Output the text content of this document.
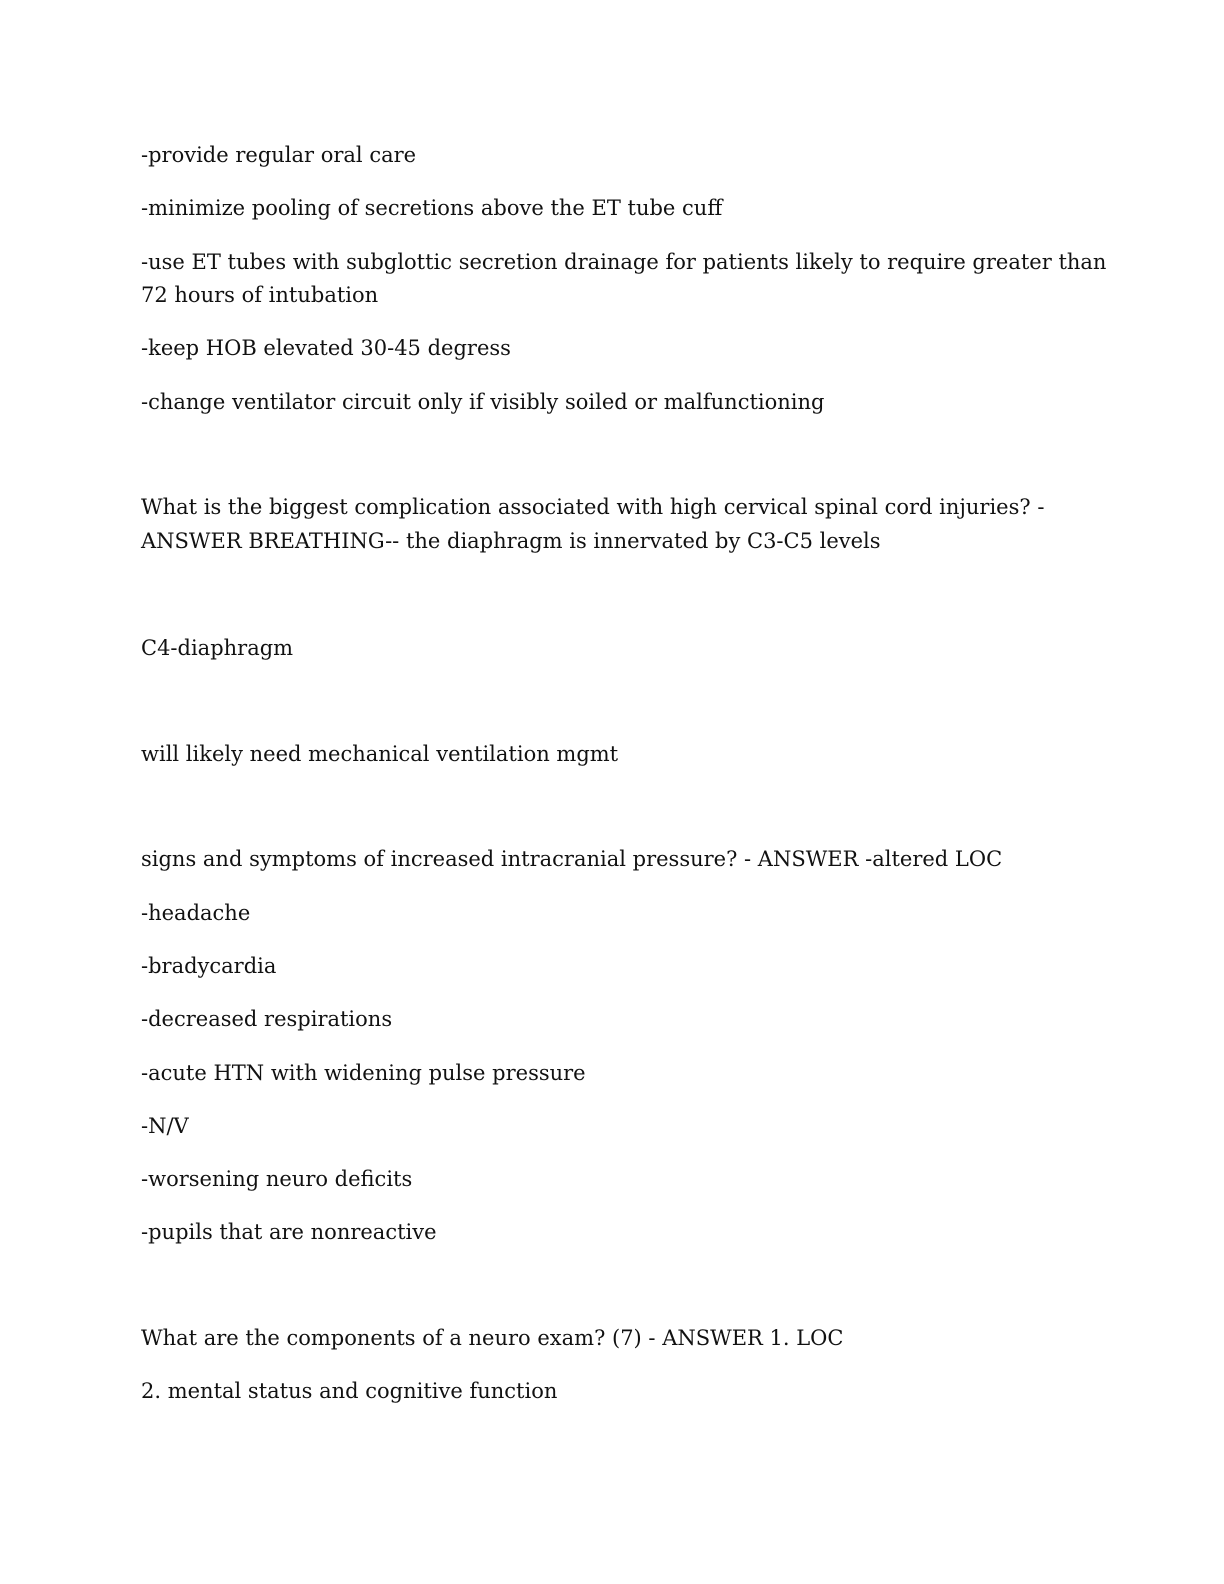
-provide regular oral care

-minimize pooling of secretions above the ET tube cuff

-use ET tubes with subglottic secretion drainage for patients likely to require greater than

72 hours of intubation

-keep HOB elevated 30-45 degress

-change ventilator circuit only if visibly soiled or malfunctioning

What is the biggest complication associated with high cervical spinal cord injuries? -

ANSWER BREATHING-- the diaphragm is innervated by C3-C5 levels

C4-diaphragm

will likely need mechanical ventilation mgmt

signs and symptoms of increased intracranial pressure? - ANSWER -altered LOC

-headache

-bradycardia

-decreased respirations

-acute HTN with widening pulse pressure

-N/V

-worsening neuro deficits

-pupils that are nonreactive

What are the components of a neuro exam? (7) - ANSWER 1. LOC

2. mental status and cognitive function
